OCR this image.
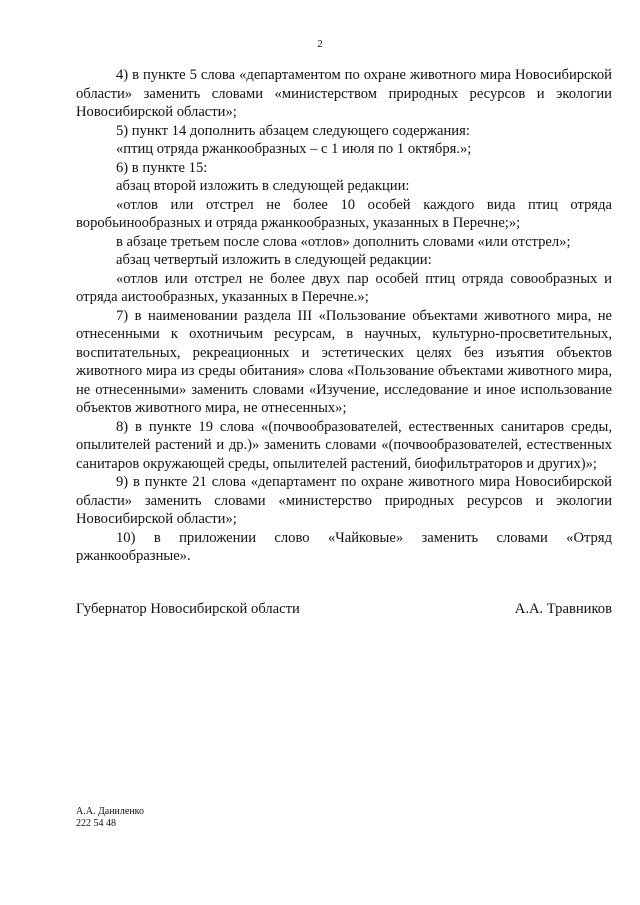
2

4) в пункте 5 слова «департаментом по охране животного мира Новосибирской области» заменить словами «министерством природных ресурсов и экологии Новосибирской области»;

5) пункт 14 дополнить абзацем следующего содержания:

«птиц отряда ржанкообразных – с 1 июля по 1 октября.»;

6) в пункте 15:

абзац второй изложить в следующей редакции:

«отлов или отстрел не более 10 особей каждого вида птиц отряда воробьинообразных и отряда ржанкообразных, указанных в Перечне;»;

в абзаце третьем после слова «отлов» дополнить словами «или отстрел»;

абзац четвертый изложить в следующей редакции:

«отлов или отстрел не более двух пар особей птиц отряда совообразных и отряда аистообразных, указанных в Перечне.»;

7) в наименовании раздела III «Пользование объектами животного мира, не отнесенными к охотничьим ресурсам, в научных, культурно-просветительных, воспитательных, рекреационных и эстетических целях без изъятия объектов животного мира из среды обитания» слова «Пользование объектами животного мира, не отнесенными» заменить словами «Изучение, исследование и иное использование объектов животного мира, не отнесенных»;

8) в пункте 19 слова «(почвообразователей, естественных санитаров среды, опылителей растений и др.)» заменить словами «(почвообразователей, естественных санитаров окружающей среды, опылителей растений, биофильтраторов и других)»;

9) в пункте 21 слова «департамент по охране животного мира Новосибирской области» заменить словами «министерство природных ресурсов и экологии Новосибирской области»;

10) в приложении слово «Чайковые» заменить словами «Отряд ржанкообразные».

Губернатор Новосибирской области	А.А. Травников
А.А. Даниленко
222 54 48
